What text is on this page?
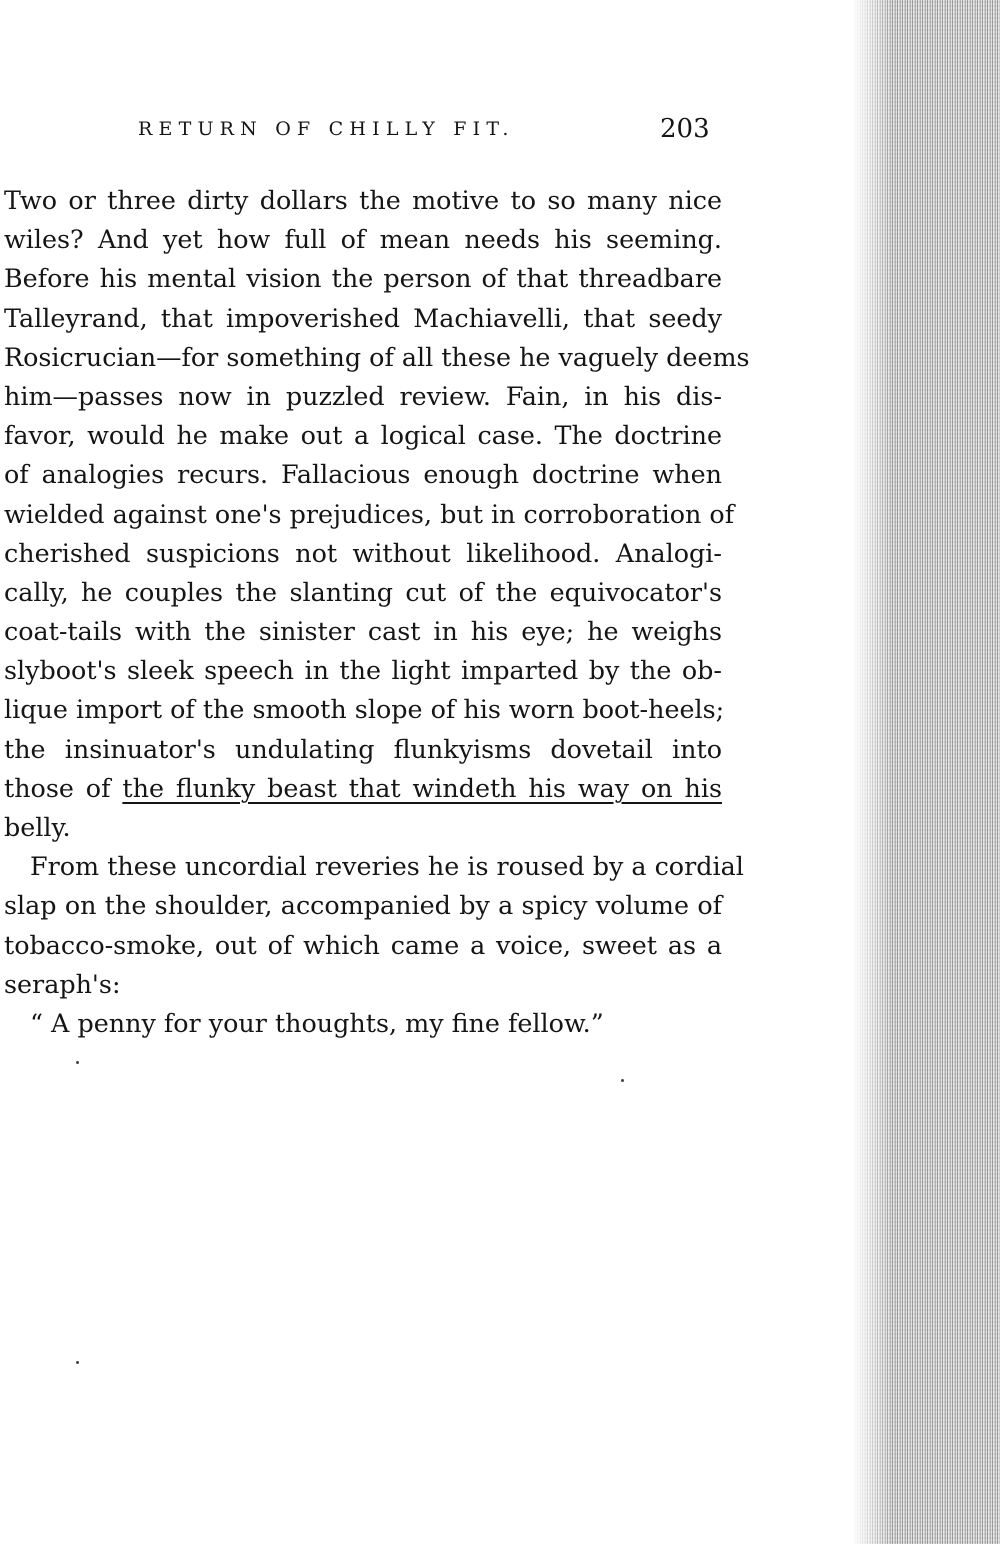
RETURN OF CHILLY FIT.	203
Two or three dirty dollars the motive to so many nice
wiles? And yet how full of mean needs his seeming.
Before his mental vision the person of that threadbare
Talleyrand, that impoverished Machiavelli, that seedy
Rosicrucian—for something of all these he vaguely deems
him—passes now in puzzled review. Fain, in his dis-
favor, would he make out a logical case. The doctrine
of analogies recurs. Fallacious enough doctrine when
wielded against one's prejudices, but in corroboration of
cherished suspicions not without likelihood. Analogi-
cally, he couples the slanting cut of the equivocator's
coat-tails with the sinister cast in his eye; he weighs
slyboot's sleek speech in the light imparted by the ob-
lique import of the smooth slope of his worn boot-heels;
the insinuator's undulating flunkyisms dovetail into
those of the flunky beast that windeth his way on his
belly.
From these uncordial reveries he is roused by a cordial
slap on the shoulder, accompanied by a spicy volume of
tobacco-smoke, out of which came a voice, sweet as a
seraph's:
“ A penny for your thoughts, my fine fellow.”
